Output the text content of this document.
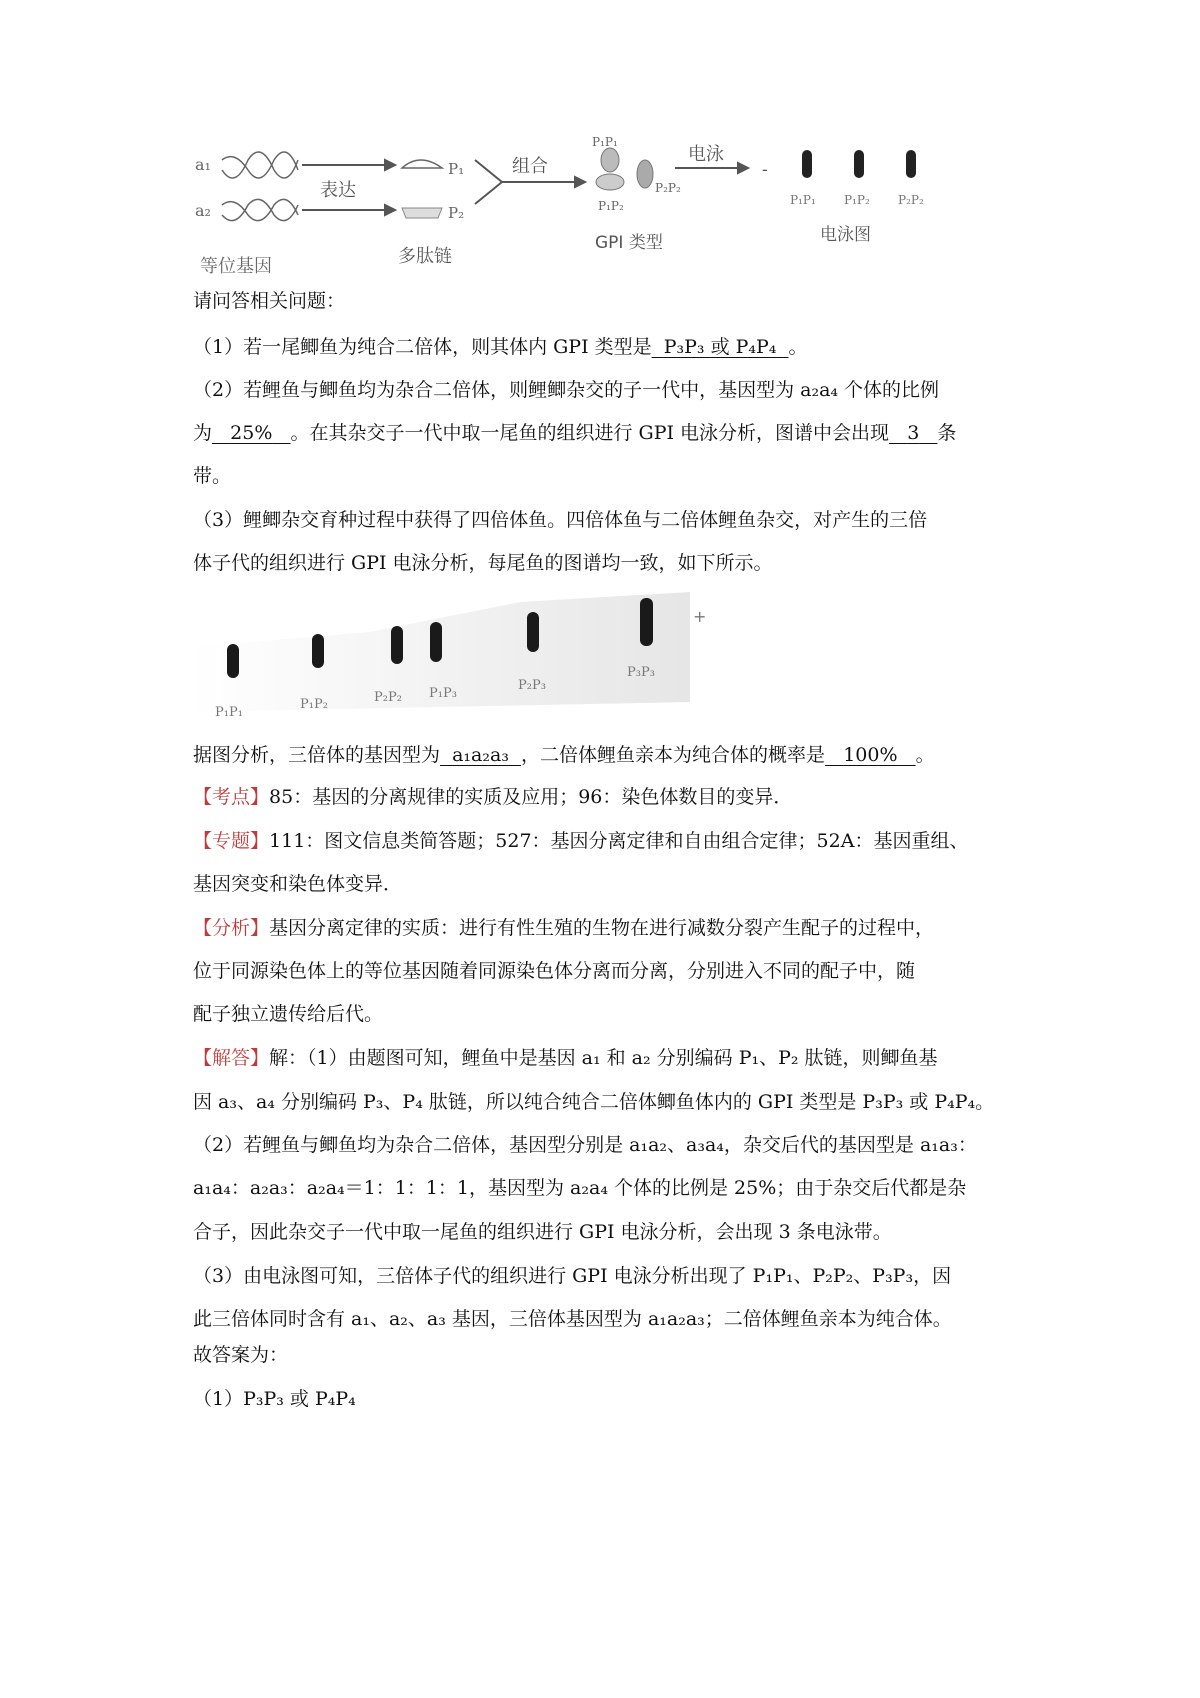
a₁
a₂
表达
等位基因
P₁
P₂
多肽链
组合
P₁P₁
P₁P₂
P₂P₂
GPI 类型
电泳
-
P₁P₁ P₁P₂ P₂P₂
电泳图
请问答相关问题：
（1）若一尾鲫鱼为纯合二倍体，则其体内 GPI 类型是 P₃P₃ 或 P₄P₄ 。
（2）若鲤鱼与鲫鱼均为杂合二倍体，则鲤鲫杂交的子一代中，基因型为 a₂a₄ 个体的比例
为 25% 。在其杂交子一代中取一尾鱼的组织进行 GPI 电泳分析，图谱中会出现 3 条
带。
（3）鲤鲫杂交育种过程中获得了四倍体鱼。四倍体鱼与二倍体鲤鱼杂交，对产生的三倍
体子代的组织进行 GPI 电泳分析，每尾鱼的图谱均一致，如下所示。
+
P₁P₁
P₁P₂	P₂P₂ P₁P₃
P₂P₃
P₃P₃
据图分析，三倍体的基因型为 a₁a₂a₃ ，二倍体鲤鱼亲本为纯合体的概率是 100% 。
【考点】85：基因的分离规律的实质及应用；96：染色体数目的变异．
【专题】111：图文信息类简答题；527：基因分离定律和自由组合定律；52A：基因重组、
基因突变和染色体变异．
【分析】基因分离定律的实质：进行有性生殖的生物在进行减数分裂产生配子的过程中，
位于同源染色体上的等位基因随着同源染色体分离而分离，分别进入不同的配子中，随
配子独立遗传给后代。
【解答】解：（1）由题图可知，鲤鱼中是基因 a₁ 和 a₂ 分别编码 P₁、P₂ 肽链，则鲫鱼基
因 a₃、a₄ 分别编码 P₃、P₄ 肽链，所以纯合纯合二倍体鲫鱼体内的 GPI 类型是 P₃P₃ 或 P₄P₄。
（2）若鲤鱼与鲫鱼均为杂合二倍体，基因型分别是 a₁a₂、a₃a₄，杂交后代的基因型是 a₁a₃：
a₁a₄：a₂a₃：a₂a₄＝1：1：1：1，基因型为 a₂a₄ 个体的比例是 25%；由于杂交后代都是杂
合子，因此杂交子一代中取一尾鱼的组织进行 GPI 电泳分析，会出现 3 条电泳带。
（3）由电泳图可知，三倍体子代的组织进行 GPI 电泳分析出现了 P₁P₁、P₂P₂、P₃P₃，因
此三倍体同时含有 a₁、a₂、a₃ 基因，三倍体基因型为 a₁a₂a₃；二倍体鲤鱼亲本为纯合体。
故答案为：
（1）P₃P₃ 或 P₄P₄
